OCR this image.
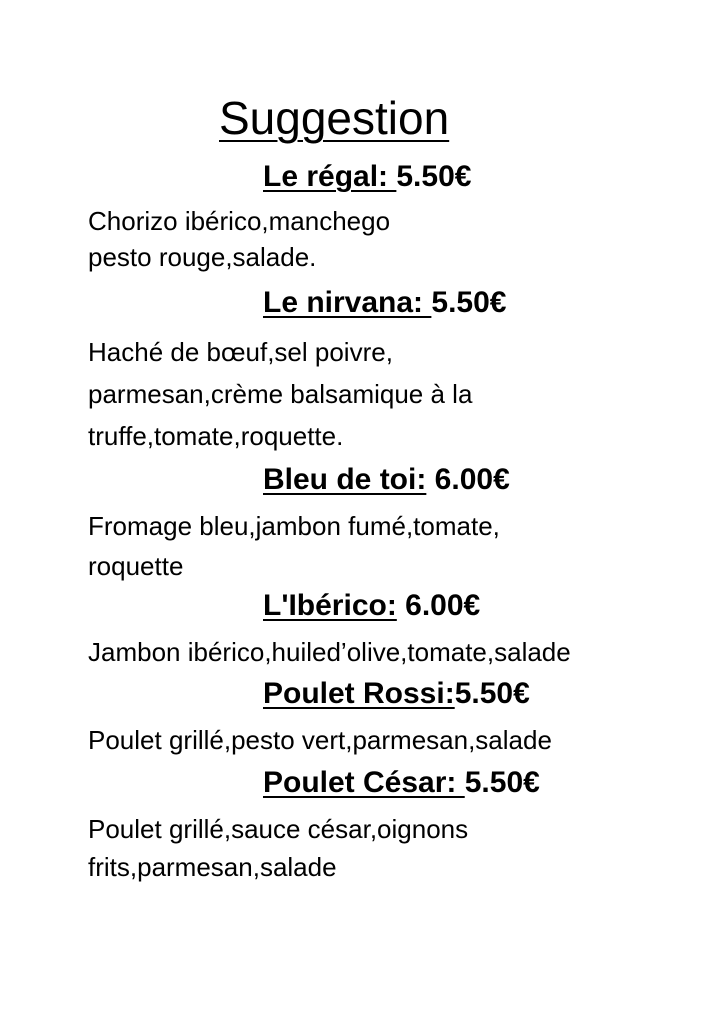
Suggestion
Le régal: 5.50€
Chorizo ibérico,manchego
pesto rouge,salade.
Le nirvana: 5.50€
Haché de bœuf,sel poivre,
parmesan,crème balsamique à la
truffe,tomate,roquette.
Bleu de toi: 6.00€
Fromage bleu,jambon fumé,tomate,
roquette
L'Ibérico: 6.00€
Jambon ibérico,huiled’olive,tomate,salade
Poulet Rossi:5.50€
Poulet grillé,pesto vert,parmesan,salade
Poulet César: 5.50€
Poulet grillé,sauce césar,oignons
frits,parmesan,salade
